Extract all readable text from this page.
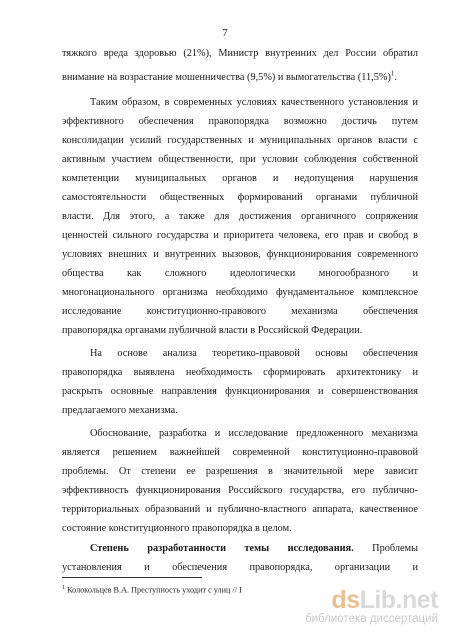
7
тяжкого вреда здоровью (21%), Министр внутренних дел России обратил
внимание на возрастание мошенничества (9,5%) и вымогательства (11,5%)$^1$.
Таким образом, в современных условиях качественного установления и
эффективного обеспечения правопорядка возможно достичь путем
консолидации усилий государственных и муниципальных органов власти с
активным участием общественности, при условии соблюдения собственной
компетенции муниципальных органов и недопущения нарушения
самостоятельности общественных формирований органами публичной
власти. Для этого, а также для достижения органичного сопряжения
ценностей сильного государства и приоритета человека, его прав и свобод в
условиях внешних и внутренних вызовов, функционирования современного
общества как сложного идеологически многообразного и
многонационального организма необходимо фундаментальное комплексное
исследование конституционно-правового механизма обеспечения
правопорядка органами публичной власти в Российской Федерации.
На основе анализа теоретико-правовой основы обеспечения
правопорядка выявлена необходимость сформировать архитектонику и
раскрыть основные направления функционирования и совершенствования
предлагаемого механизма.
Обоснование, разработка и исследование предложенного механизма
является решением важнейшей современной конституционно-правовой
проблемы. От степени ее разрешения в значительной мере зависит
эффективность функционирования Российского государства, его публично-
территориальных образований и публично-властного аппарата, качественное
состояние конституционного правопорядка в целом.
Степень разработанности темы исследования. Проблемы
установления и обеспечения правопорядка, организации и
$^1$ Колокольцев В.А. Преступность уходит с улиц // I	dsLib.net
библиотека диссертаций
